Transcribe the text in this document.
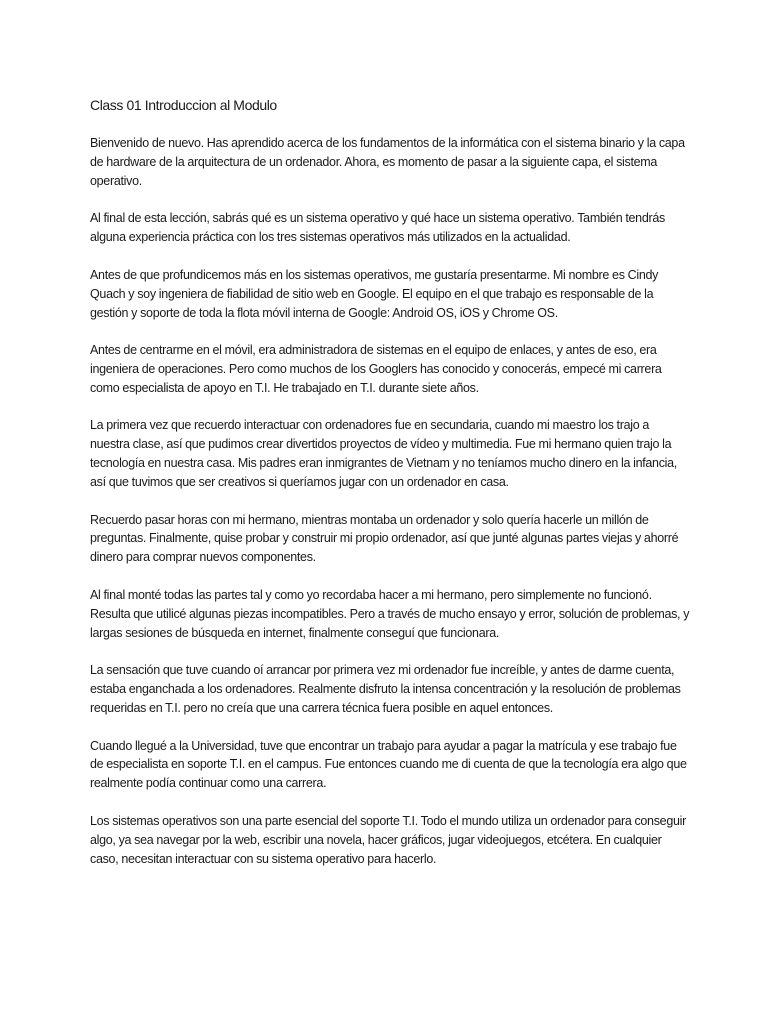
Class 01 Introduccion al Modulo

Bienvenido de nuevo. Has aprendido acerca de los fundamentos de la informática con el sistema binario y la capa de hardware de la arquitectura de un ordenador. Ahora, es momento de pasar a la siguiente capa, el sistema operativo.

Al final de esta lección, sabrás qué es un sistema operativo y qué hace un sistema operativo. También tendrás alguna experiencia práctica con los tres sistemas operativos más utilizados en la actualidad.

Antes de que profundicemos más en los sistemas operativos, me gustaría presentarme. Mi nombre es Cindy Quach y soy ingeniera de fiabilidad de sitio web en Google. El equipo en el que trabajo es responsable de la gestión y soporte de toda la flota móvil interna de Google: Android OS, iOS y Chrome OS.

Antes de centrarme en el móvil, era administradora de sistemas en el equipo de enlaces, y antes de eso, era ingeniera de operaciones. Pero como muchos de los Googlers has conocido y conocerás, empecé mi carrera como especialista de apoyo en T.I. He trabajado en T.I. durante siete años.

La primera vez que recuerdo interactuar con ordenadores fue en secundaria, cuando mi maestro los trajo a nuestra clase, así que pudimos crear divertidos proyectos de vídeo y multimedia. Fue mi hermano quien trajo la tecnología en nuestra casa. Mis padres eran inmigrantes de Vietnam y no teníamos mucho dinero en la infancia, así que tuvimos que ser creativos si queríamos jugar con un ordenador en casa.

Recuerdo pasar horas con mi hermano, mientras montaba un ordenador y solo quería hacerle un millón de preguntas. Finalmente, quise probar y construir mi propio ordenador, así que junté algunas partes viejas y ahorré dinero para comprar nuevos componentes.

Al final monté todas las partes tal y como yo recordaba hacer a mi hermano, pero simplemente no funcionó. Resulta que utilicé algunas piezas incompatibles. Pero a través de mucho ensayo y error, solución de problemas, y largas sesiones de búsqueda en internet, finalmente conseguí que funcionara.

La sensación que tuve cuando oí arrancar por primera vez mi ordenador fue increíble, y antes de darme cuenta, estaba enganchada a los ordenadores. Realmente disfruto la intensa concentración y la resolución de problemas requeridas en T.I. pero no creía que una carrera técnica fuera posible en aquel entonces.

Cuando llegué a la Universidad, tuve que encontrar un trabajo para ayudar a pagar la matrícula y ese trabajo fue de especialista en soporte T.I. en el campus. Fue entonces cuando me di cuenta de que la tecnología era algo que realmente podía continuar como una carrera.

Los sistemas operativos son una parte esencial del soporte T.I. Todo el mundo utiliza un ordenador para conseguir algo, ya sea navegar por la web, escribir una novela, hacer gráficos, jugar videojuegos, etcétera. En cualquier caso, necesitan interactuar con su sistema operativo para hacerlo.
